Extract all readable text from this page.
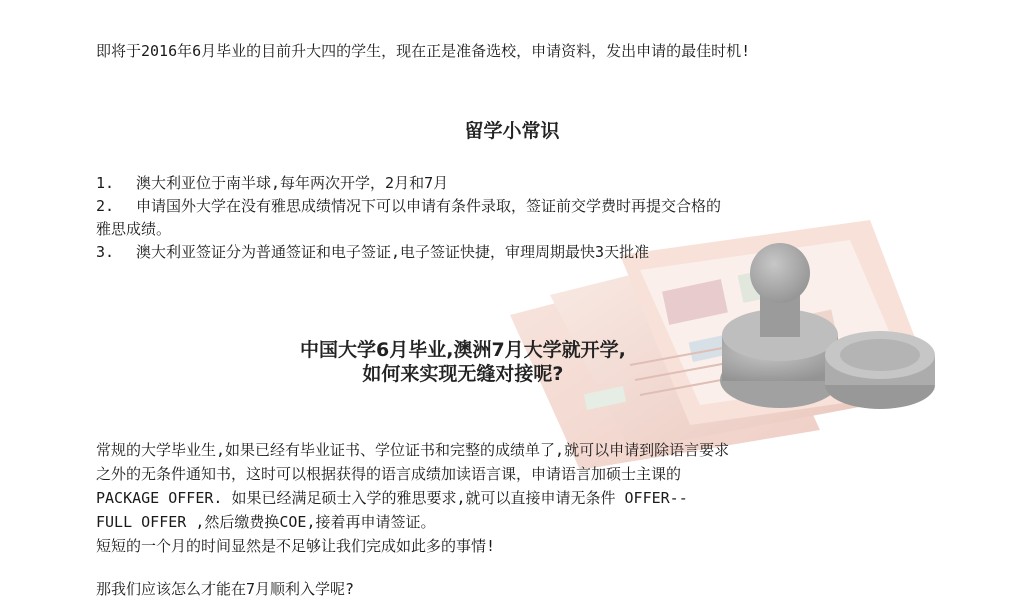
即将于2016年6月毕业的目前升大四的学生，现在正是准备选校，申请资料，发出申请的最佳时机!

留学小常识
1. 澳大利亚位于南半球,每年两次开学，2月和7月
2. 申请国外大学在没有雅思成绩情况下可以申请有条件录取，签证前交学费时再提交合格的
雅思成绩。
3. 澳大利亚签证分为普通签证和电子签证,电子签证快捷，审理周期最快3天批准
中国大学6月毕业,澳洲7月大学就开学,
如何来实现无缝对接呢?
常规的大学毕业生,如果已经有毕业证书、学位证书和完整的成绩单了,就可以申请到除语言要求
之外的无条件通知书，这时可以根据获得的语言成绩加读语言课，申请语言加硕士主课的
PACKAGE OFFER. 如果已经满足硕士入学的雅思要求,就可以直接申请无条件 OFFER--
FULL OFFER ,然后缴费换COE,接着再申请签证。
短短的一个月的时间显然是不足够让我们完成如此多的事情!

那我们应该怎么才能在7月顺利入学呢?
